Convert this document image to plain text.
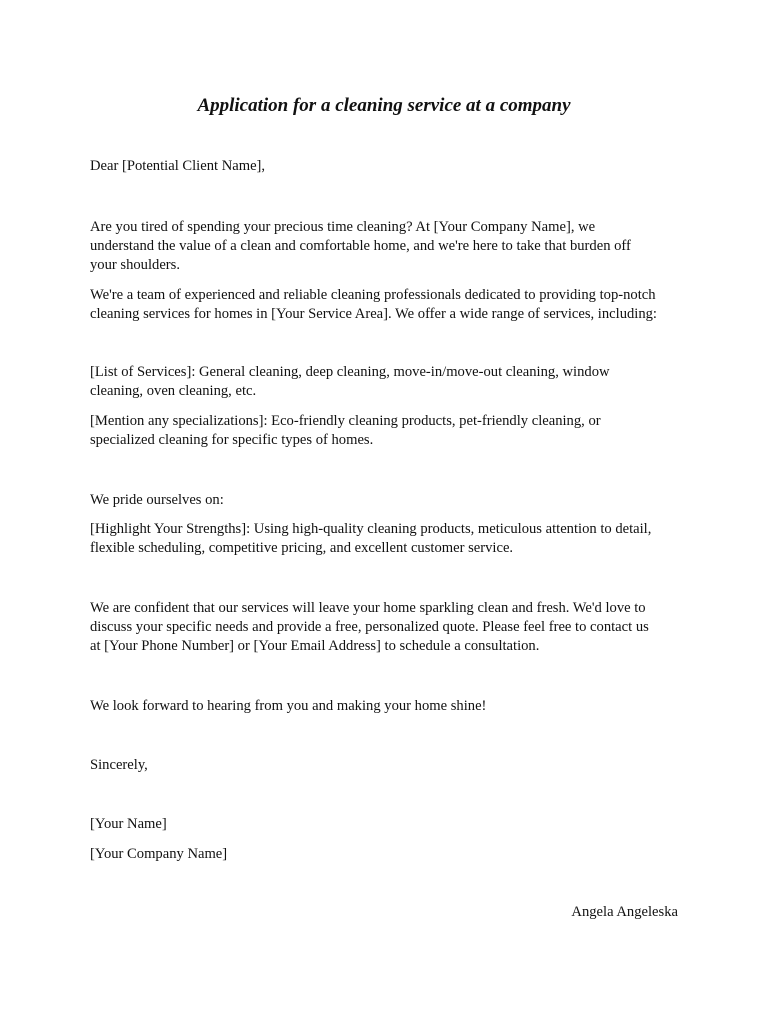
Application for a cleaning service at a company

Dear [Potential Client Name],

Are you tired of spending your precious time cleaning? At [Your Company Name], we
understand the value of a clean and comfortable home, and we're here to take that burden off
your shoulders.

We're a team of experienced and reliable cleaning professionals dedicated to providing top-notch
cleaning services for homes in [Your Service Area]. We offer a wide range of services, including:

[List of Services]: General cleaning, deep cleaning, move-in/move-out cleaning, window
cleaning, oven cleaning, etc.

[Mention any specializations]: Eco-friendly cleaning products, pet-friendly cleaning, or
specialized cleaning for specific types of homes.

We pride ourselves on:

[Highlight Your Strengths]: Using high-quality cleaning products, meticulous attention to detail,
flexible scheduling, competitive pricing, and excellent customer service.

We are confident that our services will leave your home sparkling clean and fresh. We'd love to
discuss your specific needs and provide a free, personalized quote. Please feel free to contact us
at [Your Phone Number] or [Your Email Address] to schedule a consultation.

We look forward to hearing from you and making your home shine!

Sincerely,

[Your Name]

[Your Company Name]

Angela Angeleska
